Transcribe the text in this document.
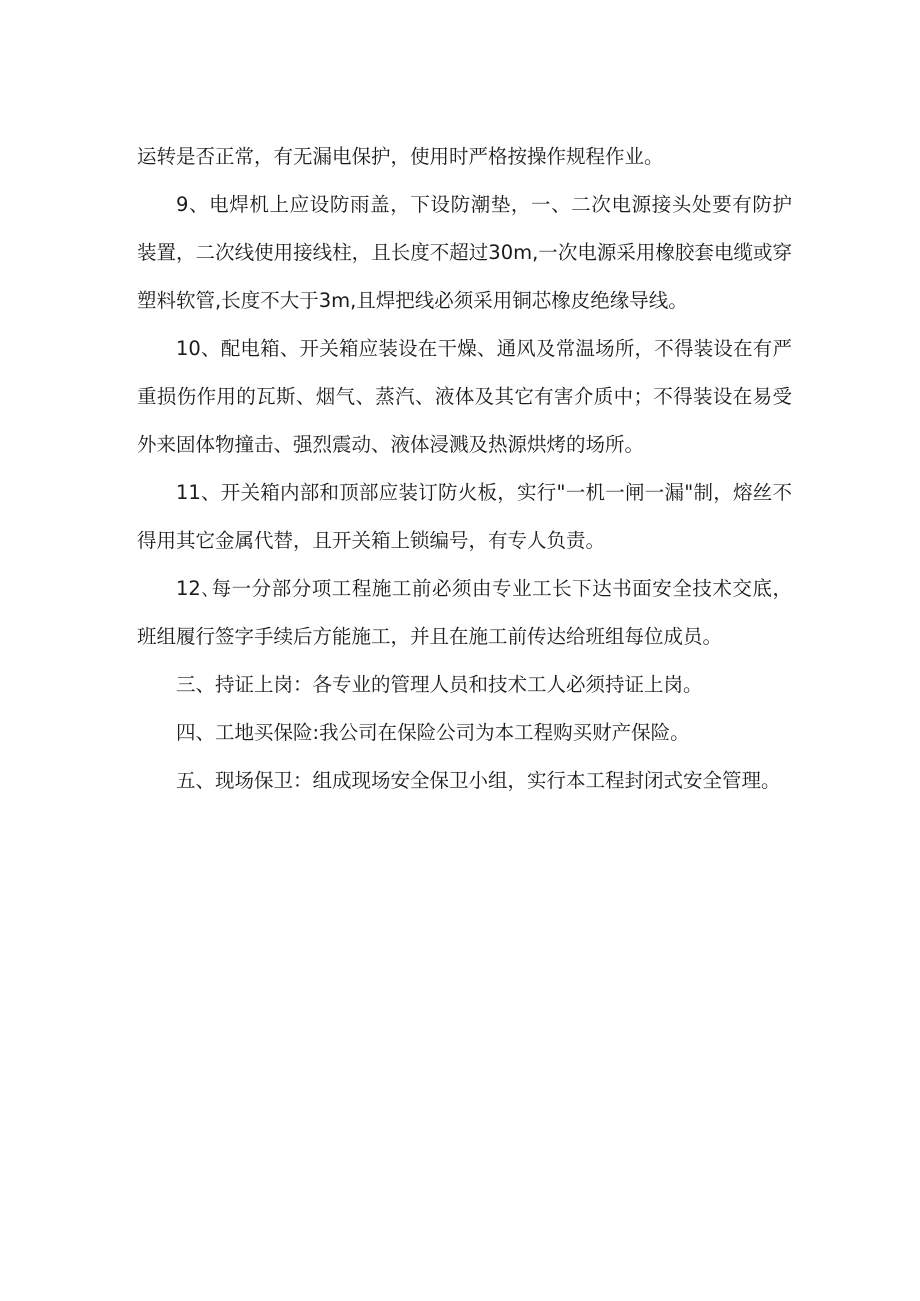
运转是否正常，有无漏电保护，使用时严格按操作规程作业。

9、电焊机上应设防雨盖，下设防潮垫，一、二次电源接头处要有防护装置，二次线使用接线柱，且长度不超过30m,一次电源采用橡胶套电缆或穿塑料软管,长度不大于3m,且焊把线必须采用铜芯橡皮绝缘导线。

10、配电箱、开关箱应装设在干燥、通风及常温场所，不得装设在有严重损伤作用的瓦斯、烟气、蒸汽、液体及其它有害介质中；不得装设在易受外来固体物撞击、强烈震动、液体浸溅及热源烘烤的场所。

11、开关箱内部和顶部应装订防火板，实行"一机一闸一漏"制，熔丝不得用其它金属代替，且开关箱上锁编号，有专人负责。

12､每一分部分项工程施工前必须由专业工长下达书面安全技术交底，班组履行签字手续后方能施工，并且在施工前传达给班组每位成员。

三、持证上岗：各专业的管理人员和技术工人必须持证上岗。

四、工地买保险:我公司在保险公司为本工程购买财产保险。

五、现场保卫：组成现场安全保卫小组，实行本工程封闭式安全管理。
